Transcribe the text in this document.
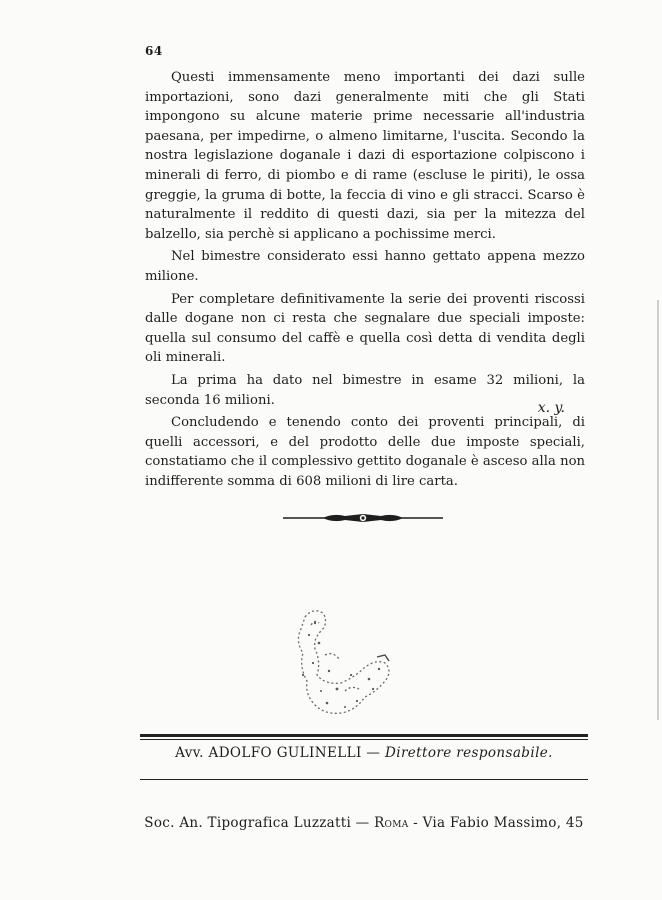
64

Questi immensamente meno importanti dei dazi sulle importazioni, sono dazi generalmente miti che gli Stati impongono su alcune materie prime necessarie all'industria paesana, per impedirne, o almeno limitarne, l'uscita. Secondo la nostra legislazione doganale i dazi di esportazione colpiscono i minerali di ferro, di piombo e di rame (escluse le piriti), le ossa greggie, la gruma di botte, la feccia di vino e gli stracci. Scarso è naturalmente il reddito di questi dazi, sia per la mitezza del balzello, sia perchè si applicano a pochissime merci.

Nel bimestre considerato essi hanno gettato appena mezzo milione.

Per completare definitivamente la serie dei proventi riscossi dalle dogane non ci resta che segnalare due speciali imposte: quella sul consumo del caffè e quella così detta di vendita degli oli minerali.

La prima ha dato nel bimestre in esame 32 milioni, la seconda 16 milioni.

Concludendo e tenendo conto dei proventi principali, di quelli accessori, e del prodotto delle due imposte speciali, constatiamo che il complessivo gettito doganale è asceso alla non indifferente somma di 608 milioni di lire carta.

x. y.
Avv. ADOLFO GULINELLI — Direttore responsabile.
Soc. An. Tipografica Luzzatti — Roma - Via Fabio Massimo, 45
